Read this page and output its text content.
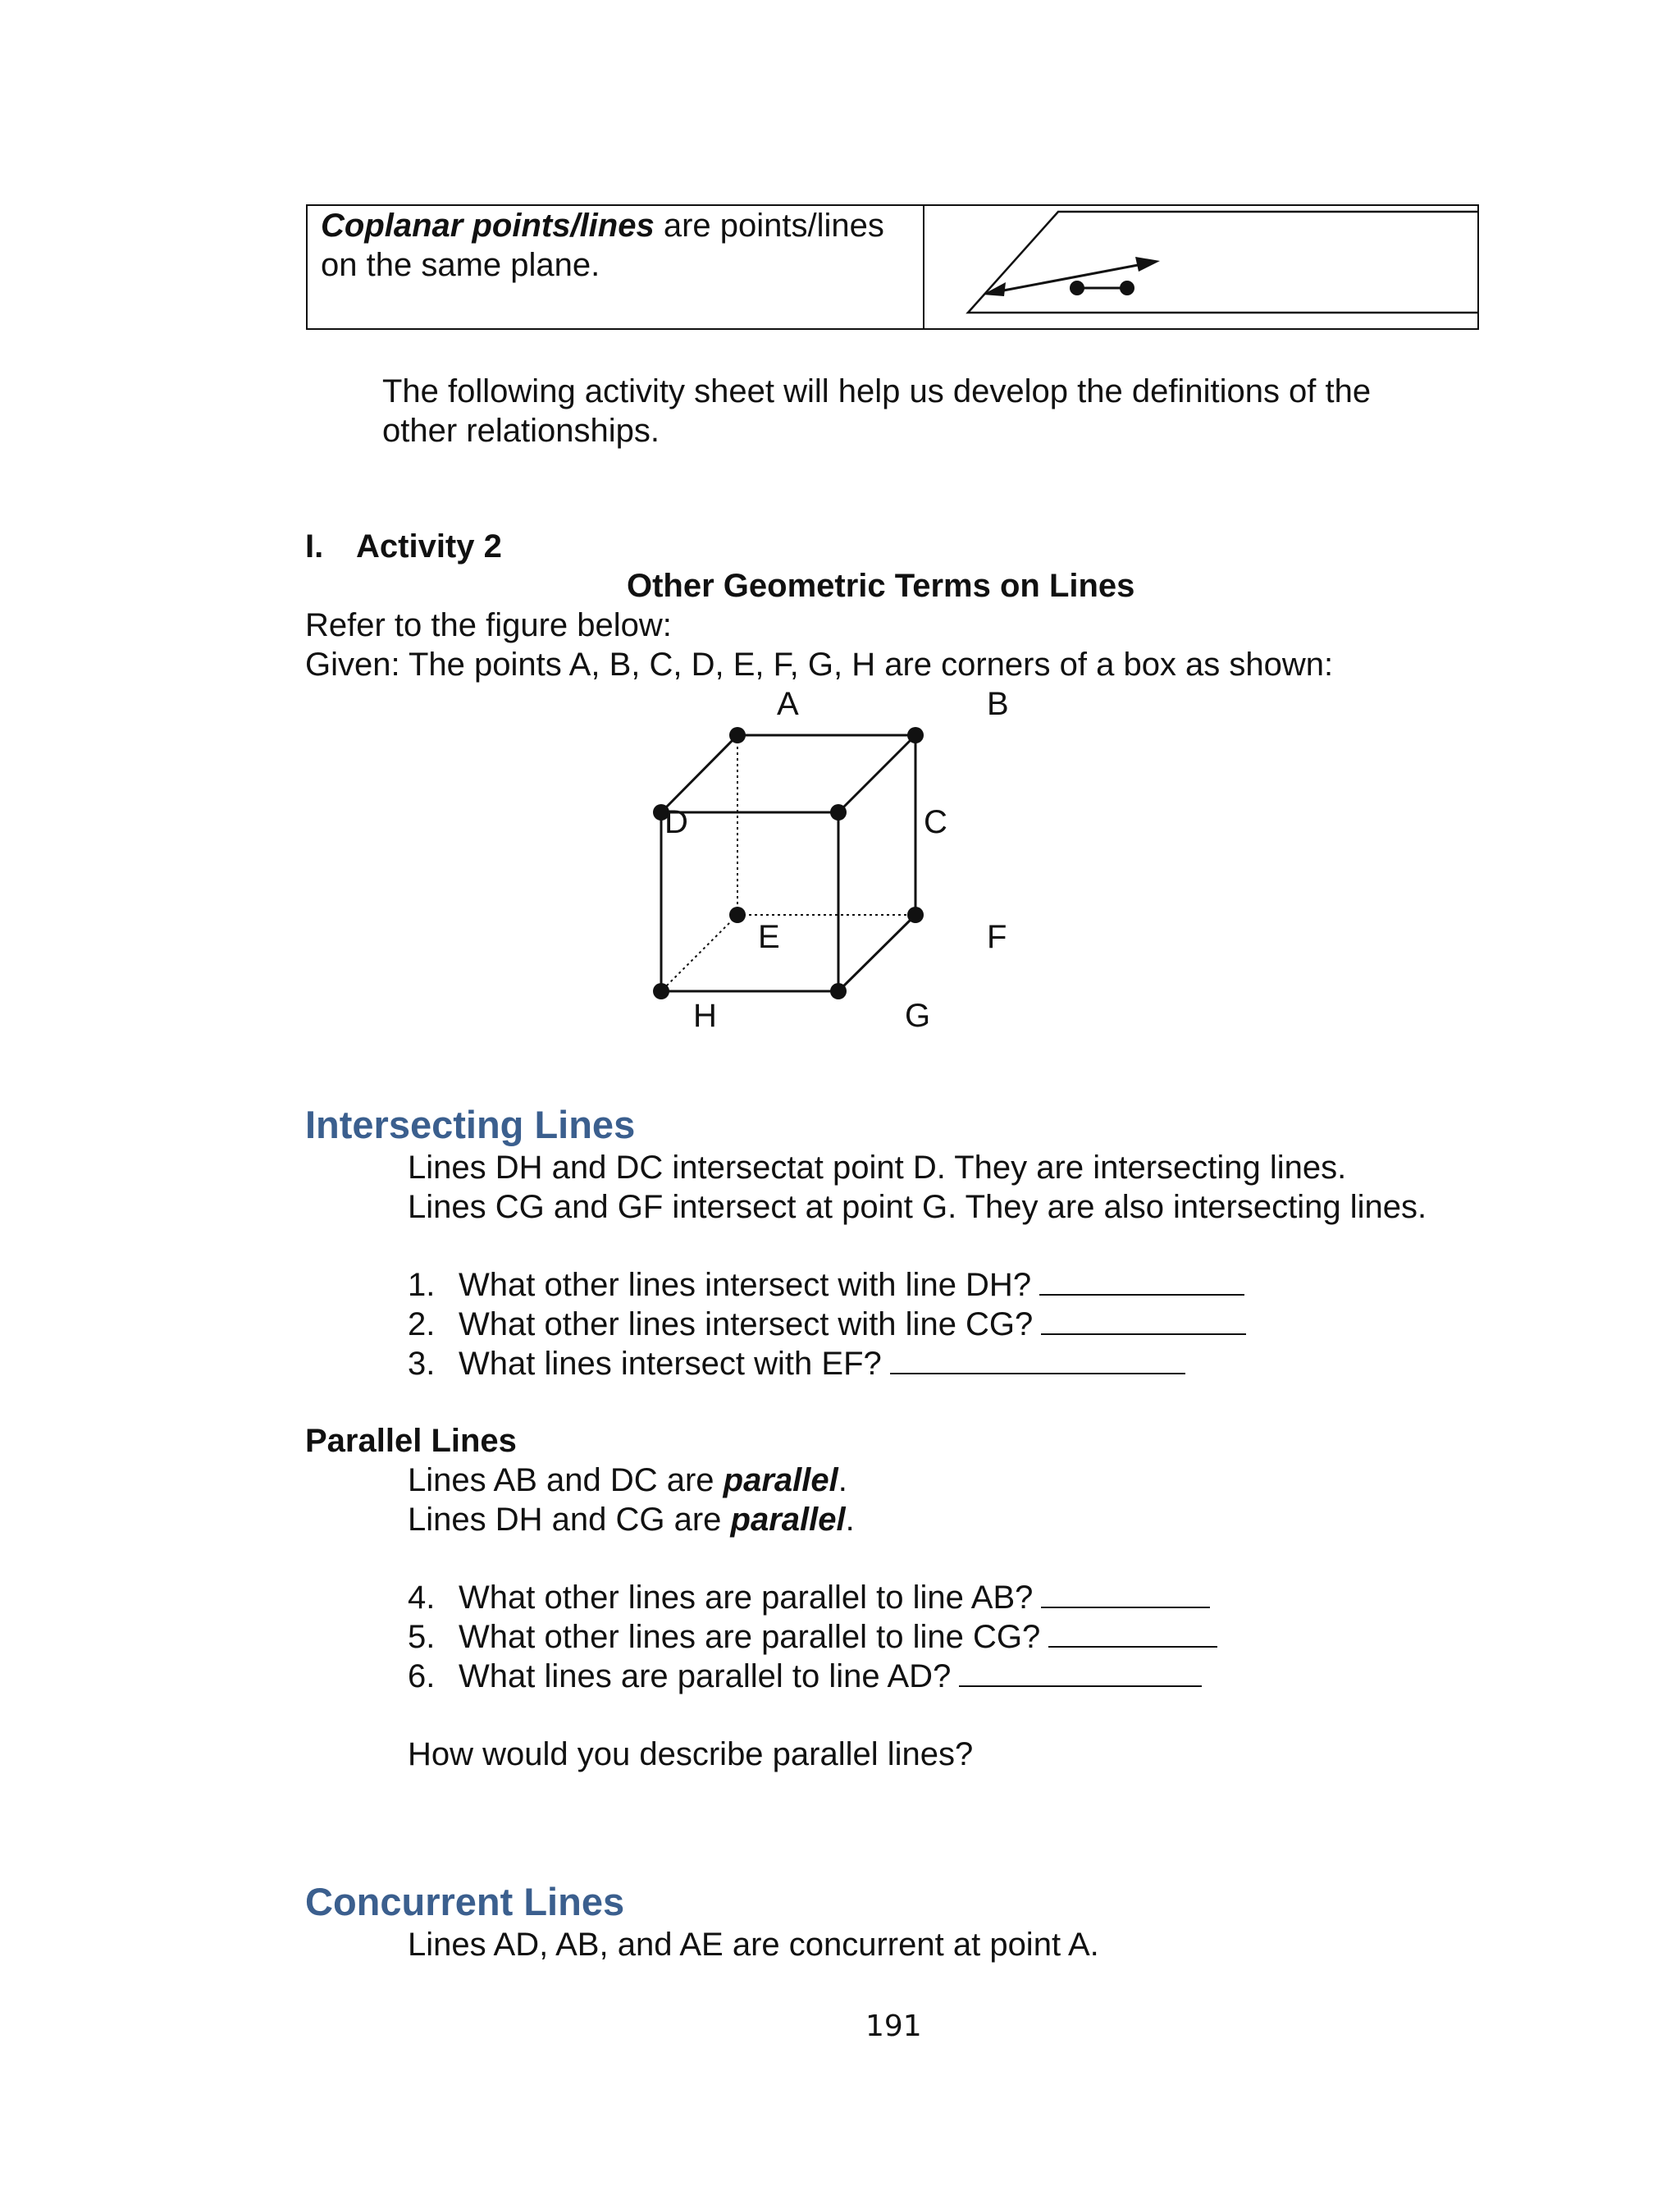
Coplanar points/lines are points/lines
on the same plane.
The following activity sheet will help us develop the definitions of the
other relationships.
I. Activity 2
Other Geometric Terms on Lines
Refer to the figure below:
Given: The points A, B, C, D, E, F, G, H are corners of a box as shown:
A	B
D	C
E	F
H	G
Intersecting Lines
Lines DH and DC intersectat point D. They are intersecting lines.
Lines CG and GF intersect at point G. They are also intersecting lines.
1. What other lines intersect with line DH?
2. What other lines intersect with line CG?
3. What lines intersect with EF?
Parallel Lines
Lines AB and DC are parallel.
Lines DH and CG are parallel.
4. What other lines are parallel to line AB?
5. What other lines are parallel to line CG?
6. What lines are parallel to line AD?
How would you describe parallel lines?
Concurrent Lines
Lines AD, AB, and AE are concurrent at point A.
191
